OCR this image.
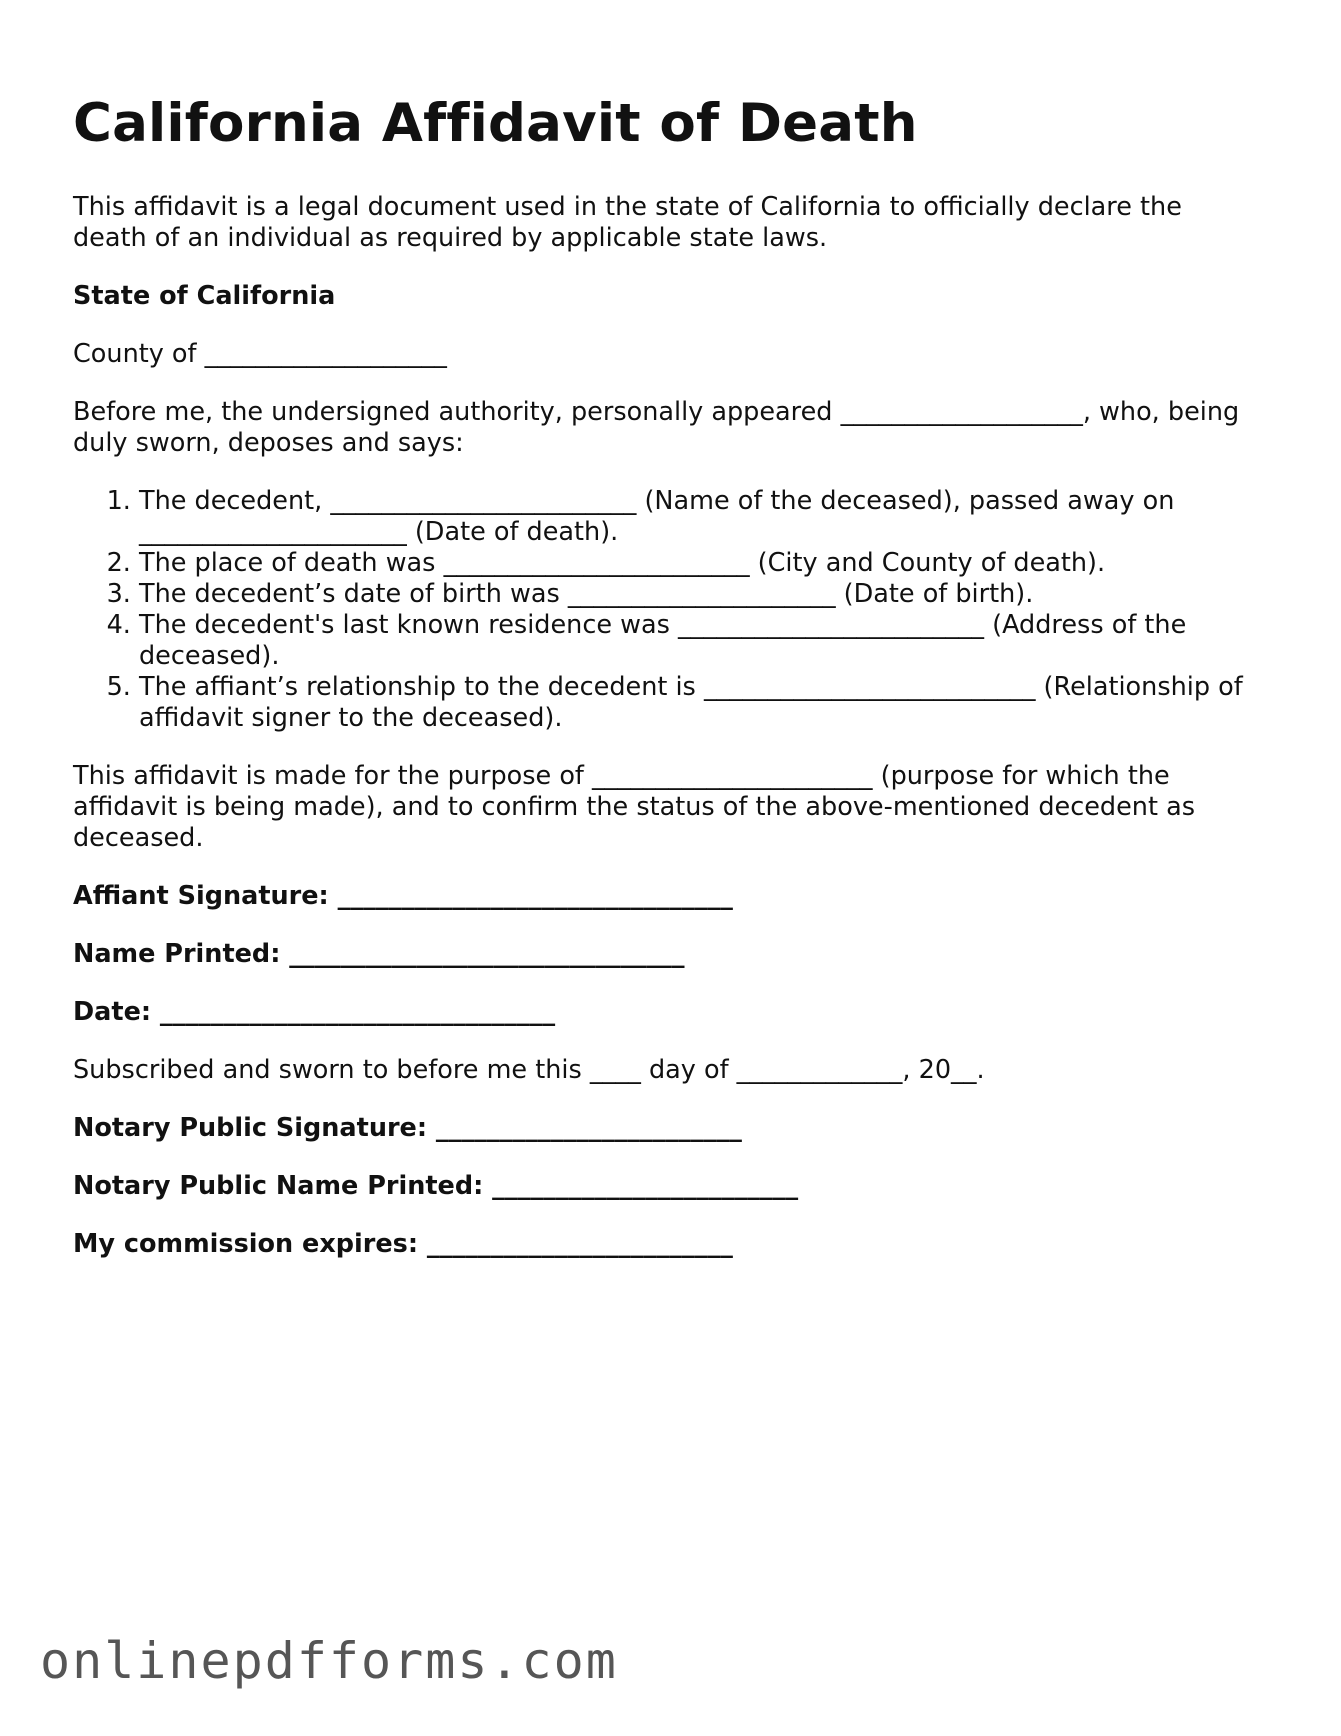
California Affidavit of Death

This affidavit is a legal document used in the state of California to officially declare the death of an individual as required by applicable state laws.

State of California

County of ___________________

Before me, the undersigned authority, personally appeared ___________________, who, being duly sworn, deposes and says:

1. The decedent, ________________________ (Name of the deceased), passed away on _____________________ (Date of death).
2. The place of death was ________________________ (City and County of death).
3. The decedent’s date of birth was _____________________ (Date of birth).
4. The decedent's last known residence was ________________________ (Address of the deceased).
5. The affiant’s relationship to the decedent is __________________________ (Relationship of affidavit signer to the deceased).

This affidavit is made for the purpose of ______________________ (purpose for which the affidavit is being made), and to confirm the status of the above-mentioned decedent as deceased.

Affiant Signature: _______________________________

Name Printed: _______________________________

Date: _______________________________

Subscribed and sworn to before me this ____ day of _____________, 20__.

Notary Public Signature: ________________________

Notary Public Name Printed: ________________________

My commission expires: ________________________

onlinepdfforms.com
